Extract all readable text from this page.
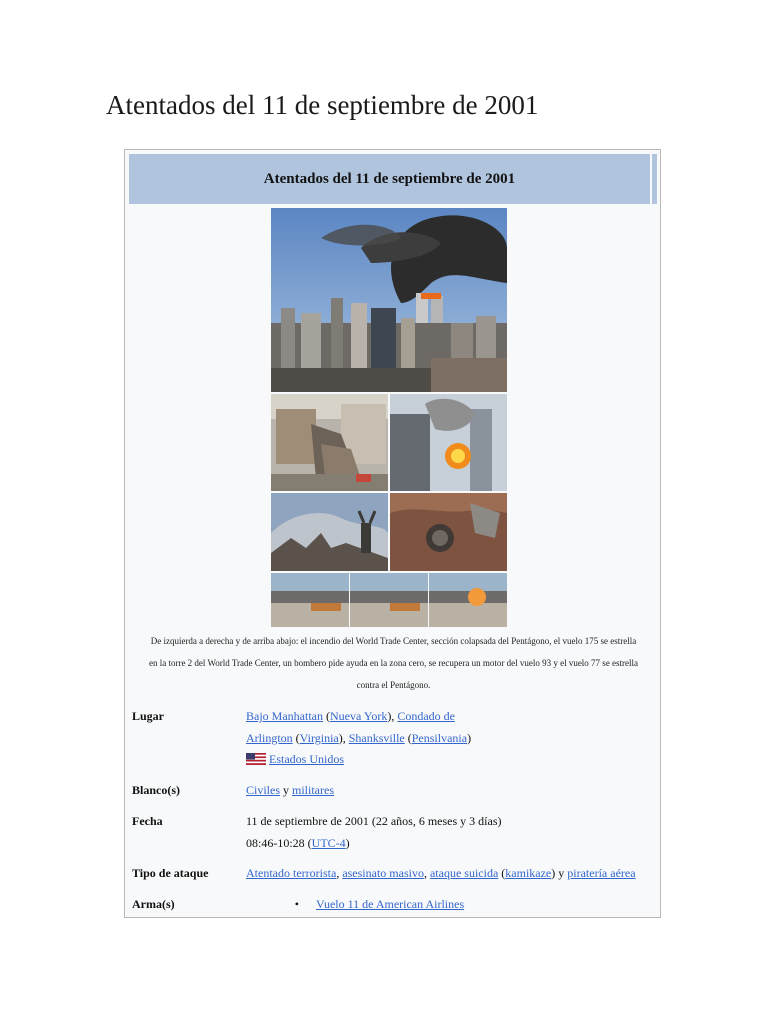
Atentados del 11 de septiembre de 2001
Atentados del 11 de septiembre de 2001
De izquierda a derecha y de arriba abajo: el incendio del World Trade Center, sección colapsada del Pentágono, el vuelo 175 se estrella
en la torre 2 del World Trade Center, un bombero pide ayuda en la zona cero, se recupera un motor del vuelo 93 y el vuelo 77 se estrella
contra el Pentágono.
Lugar	Bajo Manhattan (Nueva York), Condado de
Arlington (Virginia), Shanksville (Pensilvania)
Estados Unidos
Blanco(s)	Civiles y militares
Fecha	11 de septiembre de 2001 (22 años, 6 meses y 3 días)
08:46-10:28 (UTC-4)
Tipo de ataque	Atentado terrorista, asesinato masivo, ataque suicida (kamikaze) y piratería aérea
Arma(s)	• Vuelo 11 de American Airlines
